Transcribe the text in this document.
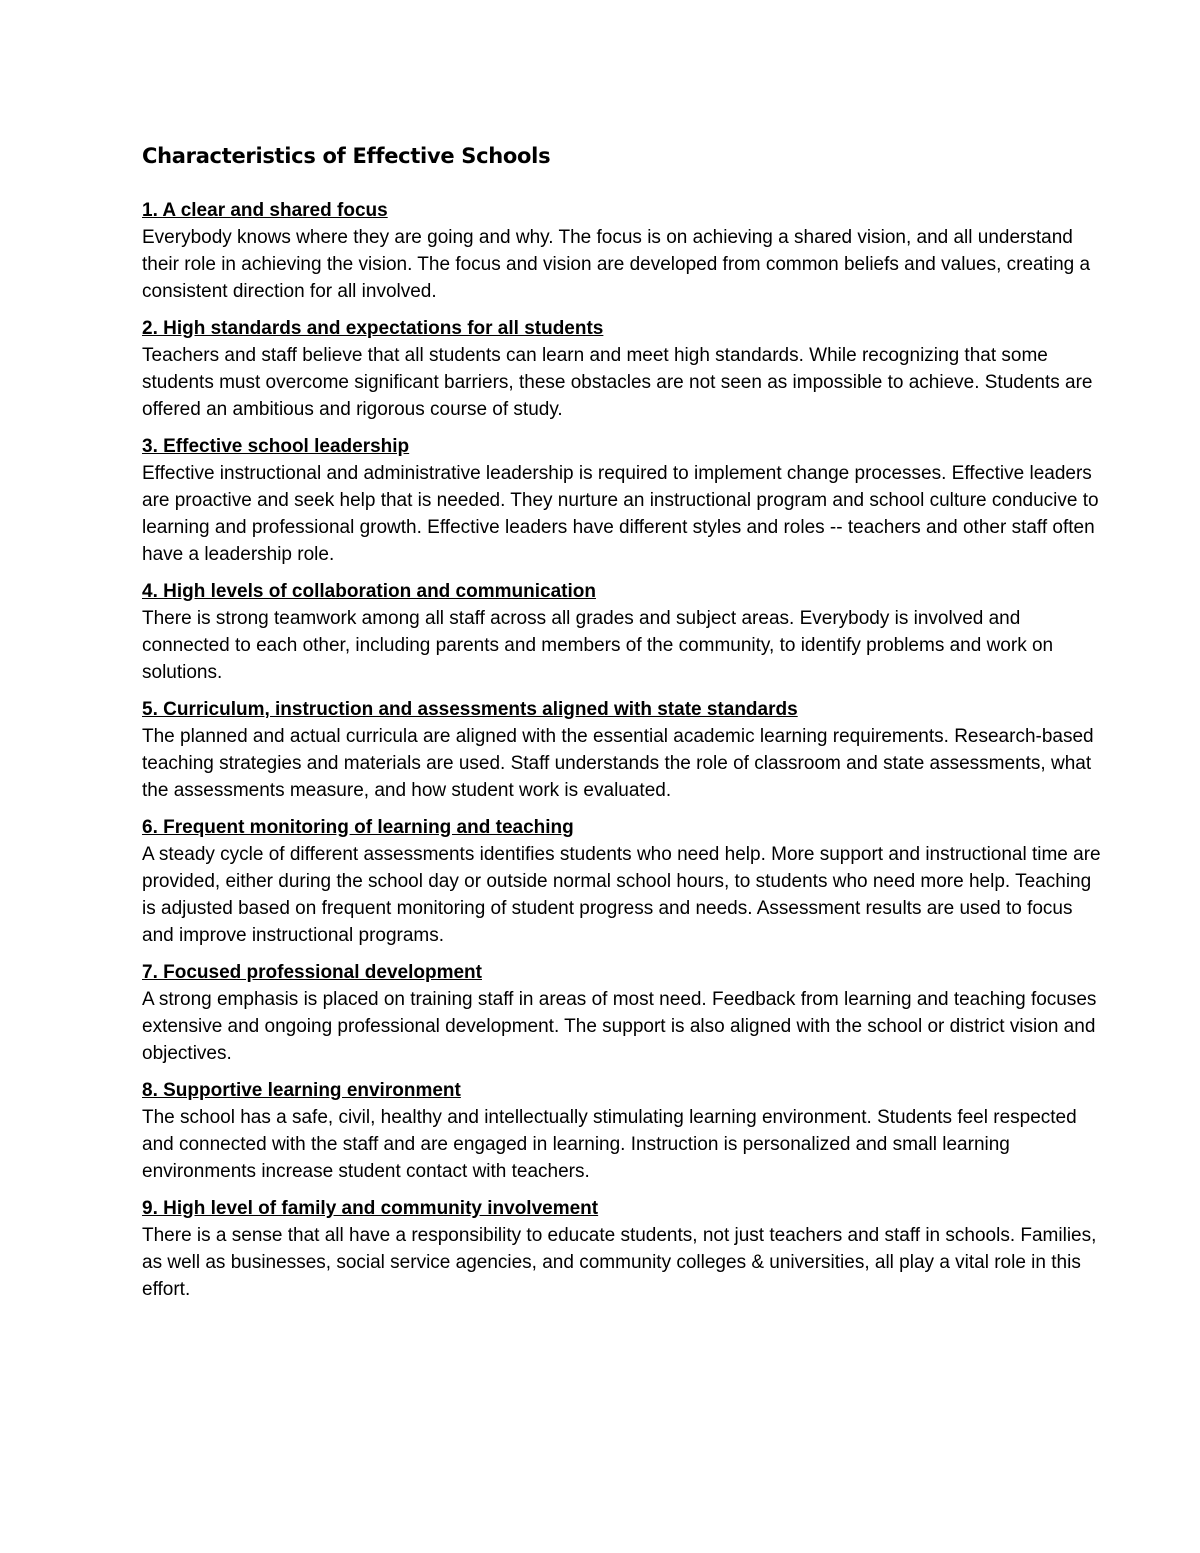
Characteristics of Effective Schools

1. A clear and shared focus

Everybody knows where they are going and why. The focus is on achieving a shared vision, and all understand their role in achieving the vision. The focus and vision are developed from common beliefs and values, creating a consistent direction for all involved.

2. High standards and expectations for all students

Teachers and staff believe that all students can learn and meet high standards. While recognizing that some students must overcome significant barriers, these obstacles are not seen as impossible to achieve. Students are offered an ambitious and rigorous course of study.

3. Effective school leadership

Effective instructional and administrative leadership is required to implement change processes. Effective leaders are proactive and seek help that is needed. They nurture an instructional program and school culture conducive to learning and professional growth. Effective leaders have different styles and roles -- teachers and other staff often have a leadership role.

4. High levels of collaboration and communication

There is strong teamwork among all staff across all grades and subject areas. Everybody is involved and connected to each other, including parents and members of the community, to identify problems and work on solutions.

5. Curriculum, instruction and assessments aligned with state standards

The planned and actual curricula are aligned with the essential academic learning requirements. Research-based teaching strategies and materials are used. Staff understands the role of classroom and state assessments, what the assessments measure, and how student work is evaluated.

6. Frequent monitoring of learning and teaching

A steady cycle of different assessments identifies students who need help. More support and instructional time are provided, either during the school day or outside normal school hours, to students who need more help. Teaching is adjusted based on frequent monitoring of student progress and needs. Assessment results are used to focus and improve instructional programs.

7. Focused professional development

A strong emphasis is placed on training staff in areas of most need. Feedback from learning and teaching focuses extensive and ongoing professional development. The support is also aligned with the school or district vision and objectives.

8. Supportive learning environment

The school has a safe, civil, healthy and intellectually stimulating learning environment. Students feel respected and connected with the staff and are engaged in learning. Instruction is personalized and small learning environments increase student contact with teachers.

9. High level of family and community involvement

There is a sense that all have a responsibility to educate students, not just teachers and staff in schools. Families, as well as businesses, social service agencies, and community colleges & universities, all play a vital role in this effort.
